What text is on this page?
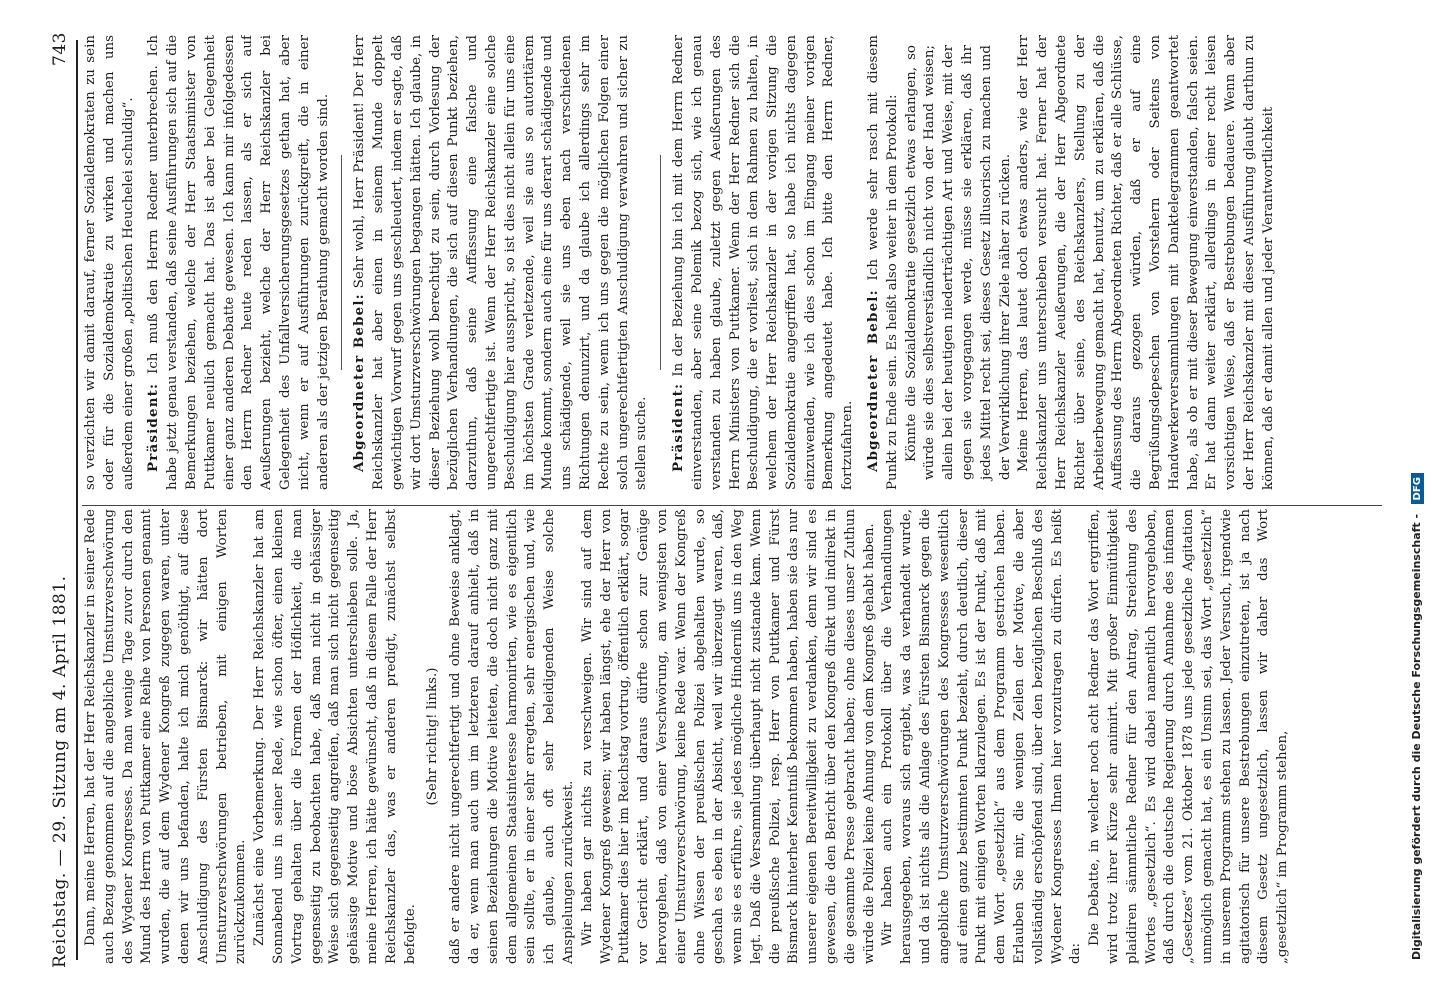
Reichstag. — 29. Sitzung am 4. April 1881.
743

Dann, meine Herren, hat der Herr Reichskanzler in seiner Rede auch Bezug genommen auf die angebliche Umsturzverschwörung des Wydener Kongresses. Da man wenige Tage zuvor durch den Mund des Herrn von Puttkamer eine Reihe von Personen genannt wurden, die auf dem Wydener Kongreß zugegen waren, unter denen wir uns befanden, halte ich mich genöthigt, auf diese Anschuldigung des Fürsten Bismarck: wir hätten dort Umsturzverschwörungen betrieben, mit einigen Worten zurückzukommen. Zunächst eine Vorbemerkung. Der Herr Reichskanzler hat am Sonnabend uns in seiner Rede, wie schon öfter, einen kleinen Vortrag gehalten über die Formen der Höflichkeit, die man gegenseitig zu beobachten habe, daß man nicht in gehässiger Weise sich gegenseitig angreifen, daß man sich nicht gegenseitig gehässige Motive und böse Absichten unterschieben solle. Ja, meine Herren, ich hätte gewünscht, daß in diesem Falle der Herr Reichskanzler das, was er anderen predigt, zunächst selbst befolgte.

(Sehr richtig! links.) daß er andere nicht ungerechtfertigt und ohne Beweise anklagt, da er, wenn man auch um im letzteren darauf anhielt, daß in seinen Beziehungen die Motive leiteten, die doch nicht ganz mit dem allgemeinen Staatsinteresse harmonirten, wie es eigentlich sein sollte, er in einer sehr erregten, sehr energischen und, wie ich glaube, auch oft sehr beleidigenden Weise solche Anspielungen zurückweist. Wir haben gar nichts zu verschweigen. Wir sind auf dem Wydener Kongreß gewesen; wir haben längst, ehe der Herr von Puttkamer dies hier im Reichstag vortrug, öffentlich erklärt, sogar vor Gericht erklärt, und daraus dürfte schon zur Genüge hervorgehen, daß von einer Verschwörung, am wenigsten von einer Umsturzverschwörung, keine Rede war. Wenn der Kongreß ohne Wissen der preußischen Polizei abgehalten wurde, so geschah es eben in der Absicht, weil wir überzeugt waren, daß, wenn sie es erführe, sie jedes mögliche Hinderniß uns in den Weg legt. Daß die Versammlung überhaupt nicht zustande kam. Wenn die preußische Polizei, resp. Herr von Puttkamer und Fürst Bismarck hinterher Kenntniß bekommen haben, haben sie das nur unserer eigenen Bereitwilligkeit zu verdanken, denn wir sind es gewesen, die den Bericht über den Kongreß direkt und indirekt in die gesammte Presse gebracht haben; ohne dieses unser Zuthun würde die Polizei keine Ahnung von dem Kongreß gehabt haben. Wir haben auch ein Protokoll über die Verhandlungen herausgegeben, woraus sich ergiebt, was da verhandelt wurde, und da ist nichts als die Anlage des Fürsten Bismarck gegen die angebliche Umsturzverschwörungen des Kongresses wesentlich auf einen ganz bestimmten Punkt bezieht, durch deutlich, dieser Punkt mit einigen Worten klarzulegen. Es ist der Punkt, daß mit dem Wort „gesetzlich“ aus dem Programm gestrichen haben. Erlauben Sie mir, die wenigen Zeilen der Motive, die aber vollständig erschöpfend sind, über den bezüglichen Beschluß des Wydener Kongresses Ihnen hier vorzutragen zu dürfen. Es heißt da:

Die Debatte, in welcher noch acht Redner das Wort ergriffen, wird trotz ihrer Kürze sehr animirt. Mit großer Einmüthigkeit plaidiren sämmtliche Redner für den Antrag, Streichung des Wortes „gesetzlich“. Es wird dabei namentlich hervorgehoben, daß durch die deutsche Regierung durch Annahme des infamen „Gesetzes“ vom 21. Oktober 1878 uns jede gesetzliche Agitation unmöglich gemacht hat, es ein Unsinn sei, das Wort „gesetzlich“ in unserem Programm stehen zu lassen. Jeder Versuch, irgendwie agitatorisch für unsere Bestrebungen einzutreten, ist ja nach diesem Gesetz ungesetzlich, lassen wir daher das Wort „gesetzlich“ im Programm stehen,

so verzichten wir damit darauf, ferner Sozialdemokraten zu sein oder für die Sozialdemokratie zu wirken und machen uns außerdem einer großen „politischen Heuchelei schuldig“. Präsident: Ich muß den Herrn Redner unterbrechen. Ich habe jetzt genau verstanden, daß seine Ausführungen sich auf die Bemerkungen beziehen, welche der Herr Staatsminister von Puttkamer neulich gemacht hat. Das ist aber bei Gelegenheit einer ganz anderen Debatte gewesen. Ich kann mir infolgedessen den Herrn Redner heute reden lassen, als er sich auf Aeußerungen bezieht, welche der Herr Reichskanzler bei Gelegenheit des Unfallversicherungsgesetzes gethan hat, aber nicht, wenn er auf Ausführungen zurückgreift, die in einer anderen als der jetzigen Berathung gemacht worden sind. Abgeordneter Bebel: Sehr wohl, Herr Präsident! Der Herr Reichskanzler hat aber einen in seinem Munde doppelt gewichtigen Vorwurf gegen uns geschleudert, indem er sagte, daß wir dort Umsturzverschwörungen begangen hätten. Ich glaube, in dieser Beziehung wohl berechtigt zu sein, durch Vorlesung der bezüglichen Verhandlungen, die sich auf diesen Punkt beziehen, darzuthun, daß seine Auffassung eine falsche und ungerechtfertigte ist. Wenn der Herr Reichskanzler eine solche Beschuldigung hier ausspricht, so ist dies nicht allein für uns eine im höchsten Grade verletzende, weil sie aus so autoritärem Munde kommt, sondern auch eine für uns derart schädigende und uns schädigende, weil sie uns eben nach verschiedenen Richtungen denunzirt, und da glaube ich allerdings sehr im Rechte zu sein, wenn ich uns gegen die möglichen Folgen einer solch ungerechtfertigten Anschuldigung verwahren und sicher zu stellen suche. Präsident: In der Beziehung bin ich mit dem Herrn Redner einverstanden, aber seine Polemik bezog sich, wie ich genau verstanden zu haben glaube, zuletzt gegen Aeußerungen des Herrn Ministers von Puttkamer. Wenn der Herr Redner sich die Beschuldigung, die er vorliest, sich in dem Rahmen zu halten, in welchem der Herr Reichskanzler in der vorigen Sitzung die Sozialdemokratie angegriffen hat, so habe ich nichts dagegen einzuwenden, wie ich dies schon im Eingang meiner vorigen Bemerkung angedeutet habe. Ich bitte den Herrn Redner, fortzufahren. Abgeordneter Bebel: Ich werde sehr rasch mit diesem Punkt zu Ende sein. Es heißt also weiter in dem Protokoll: Könnte die Sozialdemokratie gesetzlich etwas erlangen, so würde sie dies selbstverständlich nicht von der Hand weisen; allein bei der heutigen niederträchtigen Art und Weise, mit der gegen sie vorgegangen werde, müsse sie erklären, daß ihr jedes Mittel recht sei, dieses Gesetz illusorisch zu machen und der Verwirklichung ihrer Ziele näher zu rücken. Meine Herren, das lautet doch etwas anders, wie der Herr Reichskanzler uns unterschieben versucht hat. Ferner hat der Herr Reichskanzler Aeußerungen, die der Herr Abgeordnete Richter über seine, des Reichskanzlers, Stellung zu der Arbeiterbewegung gemacht hat, benutzt, um zu erklären, daß die Auffassung des Herrn Abgeordneten Richter, daß er alle Schlüsse, die daraus gezogen würden, daß er auf eine Begrüßungsdepeschen von Vorstehern oder Seitens von Handwerkerversammlungen mit Danktelegrammen geantwortet habe, als ob er mit dieser Bewegung einverstanden, falsch seien. Er hat dann weiter erklärt, allerdings in einer recht leisen vorsichtigen Weise, daß er Bestrebungen bedauere. Wenn aber der Herr Reichskanzler mit dieser Ausführung glaubt darthun zu können, daß er damit allen und jeder Verantwortlichkeit

Digitalisierung gefördert durch die Deutsche Forschungsgemeinschaft - DFG
